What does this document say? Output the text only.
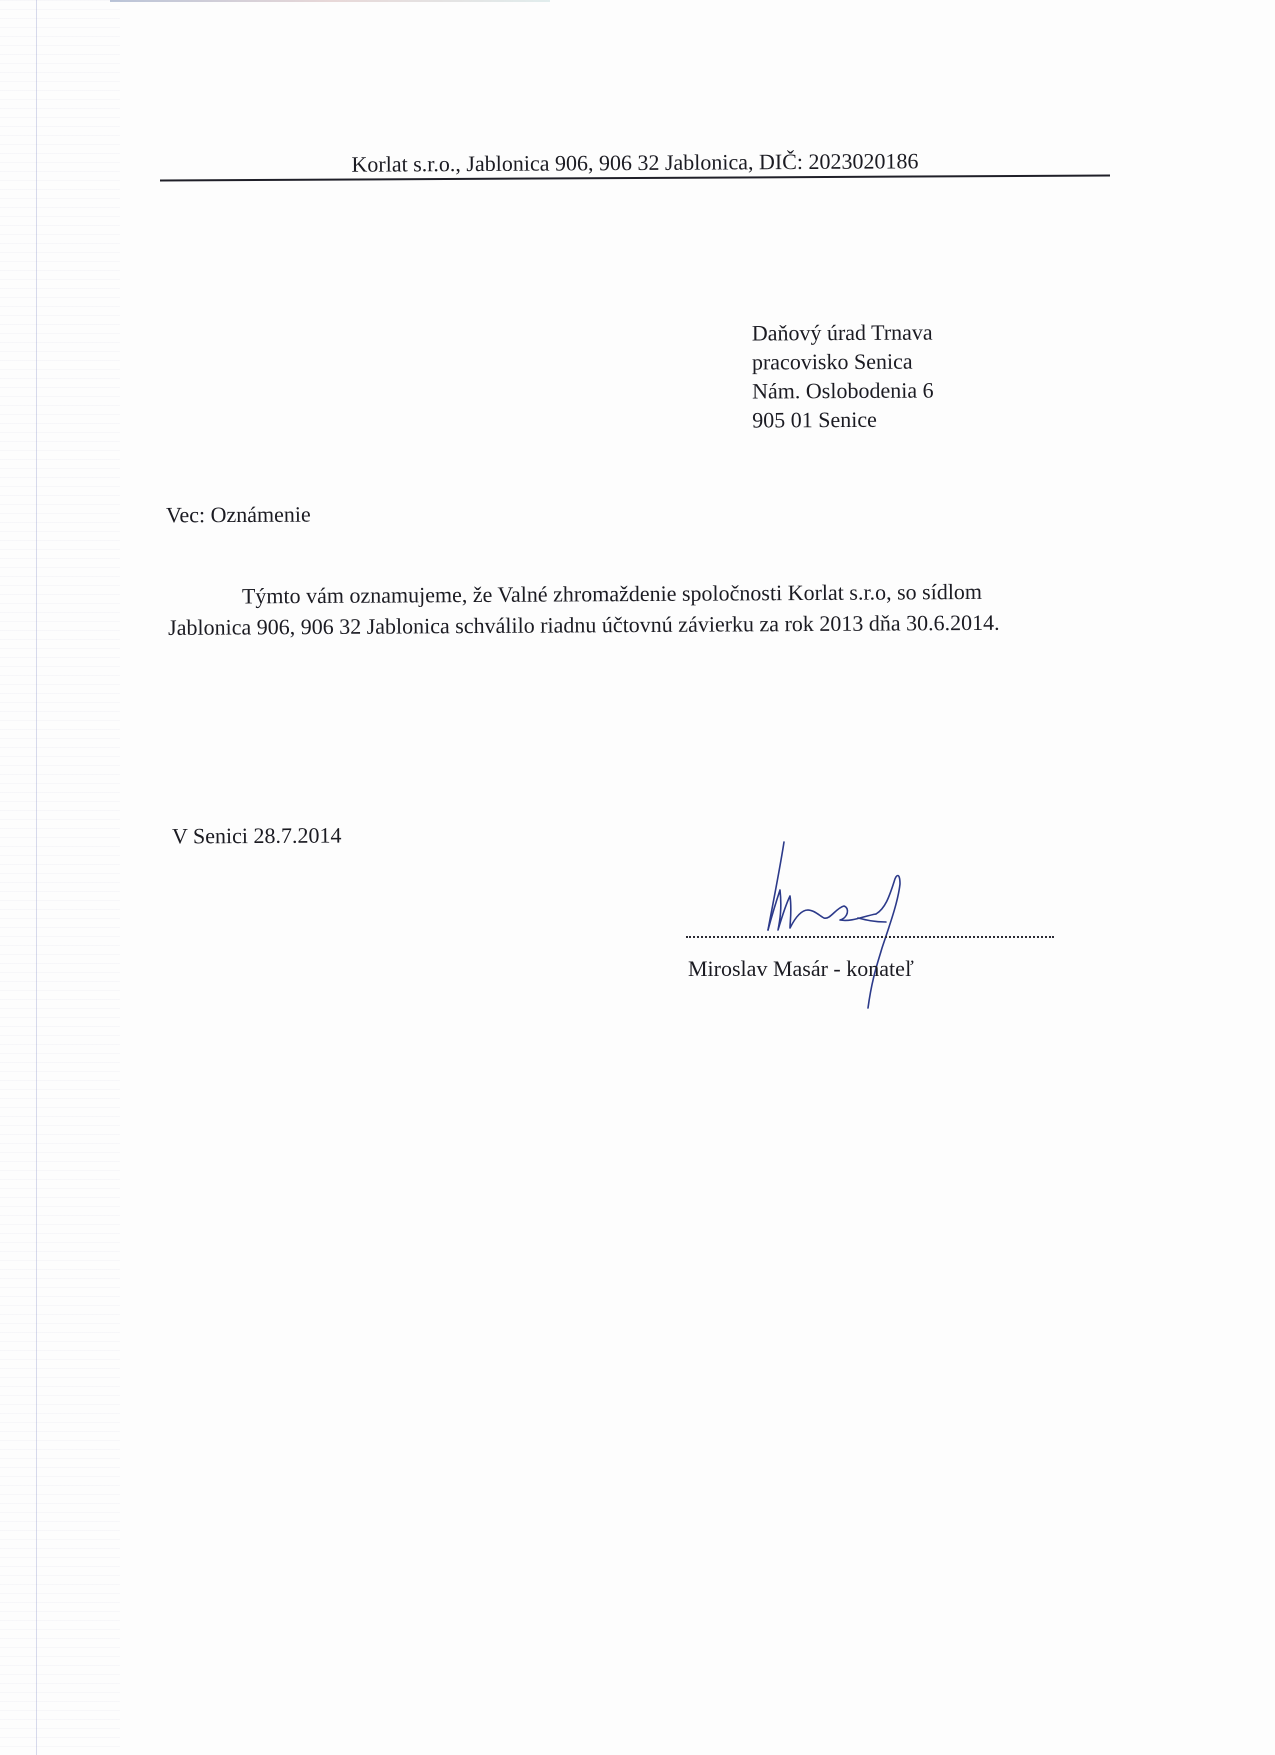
Korlat s.r.o., Jablonica 906, 906 32 Jablonica, DIČ: 2023020186
Daňový úrad Trnava
pracovisko Senica
Nám. Oslobodenia 6
905 01 Senice
Vec: Oznámenie
Týmto vám oznamujeme, že Valné zhromaždenie spoločnosti Korlat s.r.o, so sídlom
Jablonica 906, 906 32 Jablonica schválilo riadnu účtovnú závierku za rok 2013 dňa 30.6.2014.
V Senici 28.7.2014
Miroslav Masár - konateľ
